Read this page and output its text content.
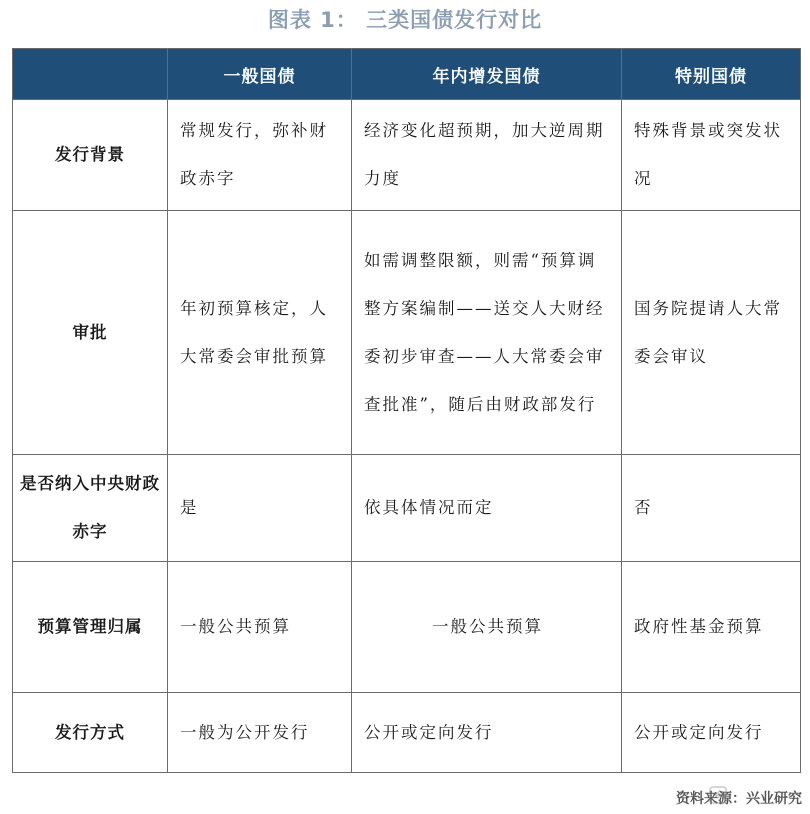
图表 1： 三类国债发行对比
	一般国债	年内增发国债	特别国债
发行背景	常规发行，弥补财政赤字	经济变化超预期，加大逆周期力度	特殊背景或突发状况
审批	年初预算核定，人大常委会审批预算	如需调整限额，则需“预算调整方案编制——送交人大财经委初步审查——人大常委会审查批准”，随后由财政部发行	国务院提请人大常委会审议
是否纳入中央财政赤字	是	依具体情况而定	否
预算管理归属	一般公共预算	一般公共预算	政府性基金预算
发行方式	一般为公开发行	公开或定向发行	公开或定向发行
资料来源：兴业研究
